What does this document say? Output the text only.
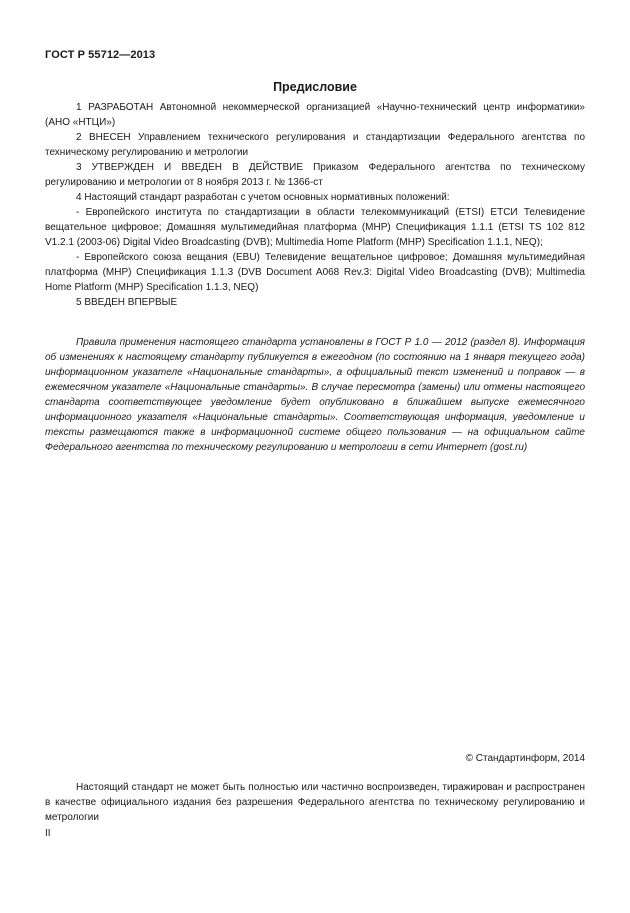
ГОСТ Р 55712—2013
Предисловие

1 РАЗРАБОТАН Автономной некоммерческой организацией «Научно-технический центр информатики» (АНО «НТЦИ»)

2 ВНЕСЕН Управлением технического регулирования и стандартизации Федерального агентства по техническому регулированию и метрологии

3 УТВЕРЖДЕН И ВВЕДЕН В ДЕЙСТВИЕ Приказом Федерального агентства по техническому регулированию и метрологии от 8 ноября 2013 г. № 1366-ст

4 Настоящий стандарт разработан с учетом основных нормативных положений:

- Европейского института по стандартизации в области телекоммуникаций (ETSI) ЕТСИ Телевидение вещательное цифровое; Домашняя мультимедийная платформа (МНР) Спецификация 1.1.1 (ETSI TS 102 812 V1.2.1 (2003-06) Digital Video Broadcasting (DVB); Multimedia Home Platform (MHP) Specification 1.1.1, NEQ);

- Европейского союза вещания (EBU) Телевидение вещательное цифровое; Домашняя мультимедийная платформа (МНР) Спецификация 1.1.3 (DVB Document A068 Rev.3: Digital Video Broadcasting (DVB); Multimedia Home Platform (MHP) Specification 1.1.3, NEQ)

5 ВВЕДЕН ВПЕРВЫЕ

Правила применения настоящего стандарта установлены в ГОСТ Р 1.0 — 2012 (раздел 8). Информация об изменениях к настоящему стандарту публикуется в ежегодном (по состоянию на 1 января текущего года) информационном указателе «Национальные стандарты», а официальный текст изменений и поправок — в ежемесячном указателе «Национальные стандарты». В случае пересмотра (замены) или отмены настоящего стандарта соответствующее уведомление будет опубликовано в ближайшем выпуске ежемесячного информационного указателя «Национальные стандарты». Соответствующая информация, уведомление и тексты размещаются также в информационной системе общего пользования — на официальном сайте Федерального агентства по техническому регулированию и метрологии в сети Интернет (gost.ru)

© Стандартинформ, 2014

Настоящий стандарт не может быть полностью или частично воспроизведен, тиражирован и распространен в качестве официального издания без разрешения Федерального агентства по техническому регулированию и метрологии

II
